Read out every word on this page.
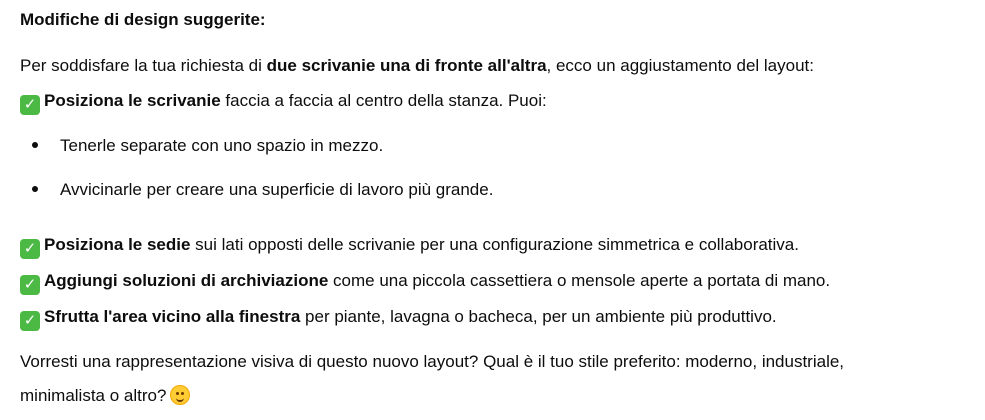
Modifiche di design suggerite:
Per soddisfare la tua richiesta di due scrivanie una di fronte all'altra, ecco un aggiustamento del layout:
✓ Posiziona le scrivanie faccia a faccia al centro della stanza. Puoi:
Tenerle separate con uno spazio in mezzo.
Avvicinarle per creare una superficie di lavoro più grande.
✓ Posiziona le sedie sui lati opposti delle scrivanie per una configurazione simmetrica e collaborativa.
✓ Aggiungi soluzioni di archiviazione come una piccola cassettiera o mensole aperte a portata di mano.
✓ Sfrutta l'area vicino alla finestra per piante, lavagna o bacheca, per un ambiente più produttivo.
Vorresti una rappresentazione visiva di questo nuovo layout? Qual è il tuo stile preferito: moderno, industriale,
minimalista o altro?
